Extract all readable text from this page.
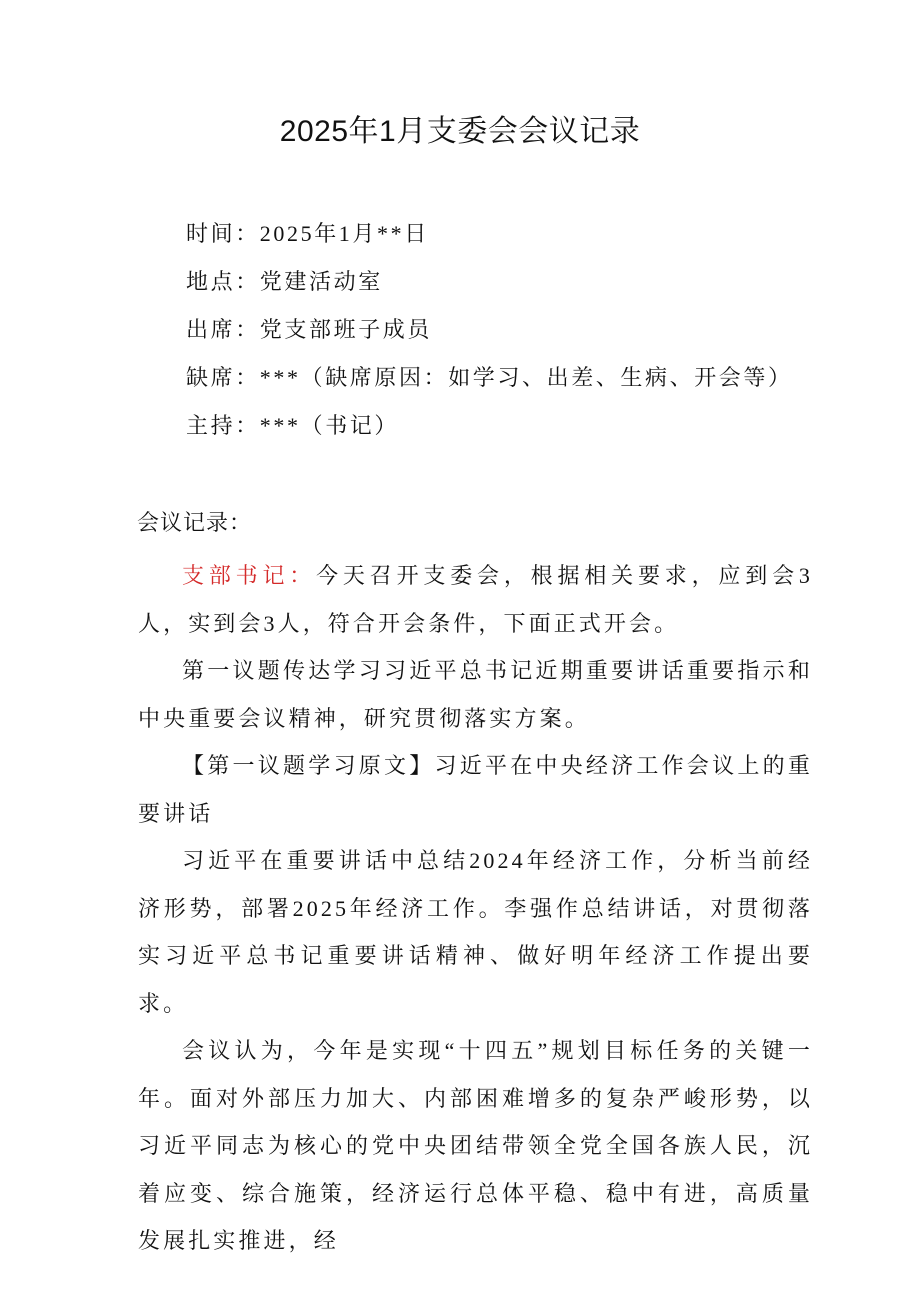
2025年1月支委会会议记录
时间：2025年1月**日
地点：党建活动室
出席：党支部班子成员
缺席：***（缺席原因：如学习、出差、生病、开会等）
主持：***（书记）
会议记录：

支部书记：今天召开支委会，根据相关要求，应到会3人，实到会3人，符合开会条件，下面正式开会。

第一议题传达学习习近平总书记近期重要讲话重要指示和中央重要会议精神，研究贯彻落实方案。

【第一议题学习原文】习近平在中央经济工作会议上的重要讲话

习近平在重要讲话中总结2024年经济工作，分析当前经济形势，部署2025年经济工作。李强作总结讲话，对贯彻落实习近平总书记重要讲话精神、做好明年经济工作提出要求。

会议认为，今年是实现“十四五”规划目标任务的关键一年。面对外部压力加大、内部困难增多的复杂严峻形势，以习近平同志为核心的党中央团结带领全党全国各族人民，沉着应变、综合施策，经济运行总体平稳、稳中有进，高质量发展扎实推进，经
